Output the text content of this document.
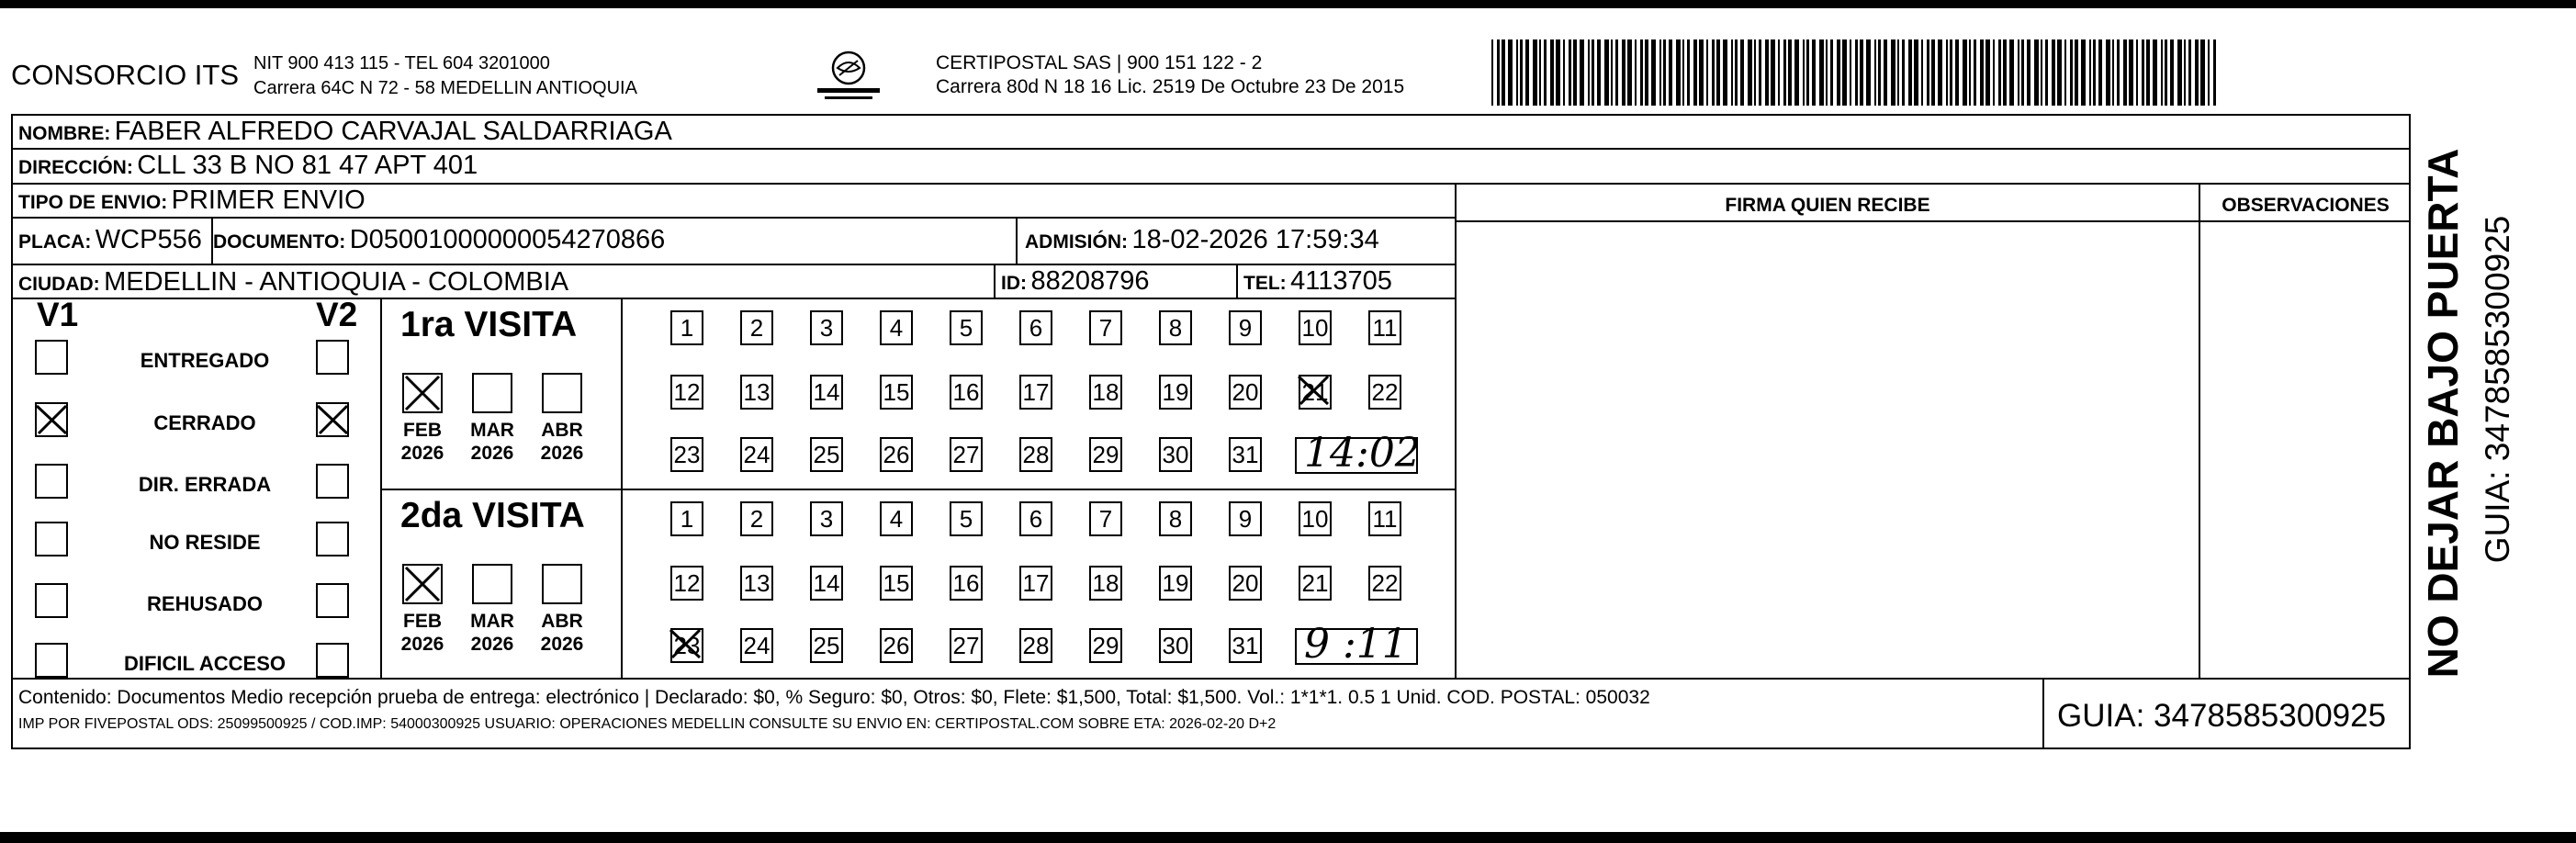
CONSORCIO ITS NIT 900 413 115 - TEL 604 3201000
Carrera 64C N 72 - 58 MEDELLIN ANTIOQUIA
CERTIPOSTAL SAS | 900 151 122 - 2
Carrera 80d N 18 16 Lic. 2519 De Octubre 23 De 2015
NOMBRE: FABER ALFREDO CARVAJAL SALDARRIAGA
DIRECCIÓN: CLL 33 B NO 81 47 APT 401
TIPO DE ENVIO: PRIMER ENVIO	FIRMA QUIEN RECIBE	OBSERVACIONES
PLACA: WCP556 DOCUMENTO: D05001000000054270866	ADMISIÓN: 18-02-2026 17:59:34
CIUDAD: MEDELLIN - ANTIOQUIA - COLOMBIA	ID: 88208796	TEL: 4113705
V1	V2
ENTREGADO
CERRADO
DIR. ERRADA
NO RESIDE
REHUSADO
DIFICIL ACCESO
1ra VISITA
FEB
2026
MAR
2026
ABR
2026
1	2	3	4	5	6	7	8	9	10 11
12 13 14 15 16 17 18 19 20 21 22
23 24 25 26 27 28 29 30 31 14:02
2da VISITA
FEB
2026
MAR
2026
ABR
2026
1	2	3	4	5	6	7	8	9	10 11
12 13 14 15 16 17 18 19 20 21 22
23 24 25 26 27 28 29 30 31 9 :11
Contenido: Documentos Medio recepción prueba de entrega: electrónico | Declarado: $0, % Seguro: $0, Otros: $0, Flete: $1,500, Total: $1,500. Vol.: 1*1*1. 0.5 1 Unid. COD. POSTAL: 050032
IMP POR FIVEPOSTAL ODS: 25099500925 / COD.IMP: 54000300925 USUARIO: OPERACIONES MEDELLIN CONSULTE SU ENVIO EN: CERTIPOSTAL.COM SOBRE ETA: 2026-02-20 D+2	GUIA: 3478585300925
NO DEJAR BAJO PUERTA GUIA: 3478585300925
